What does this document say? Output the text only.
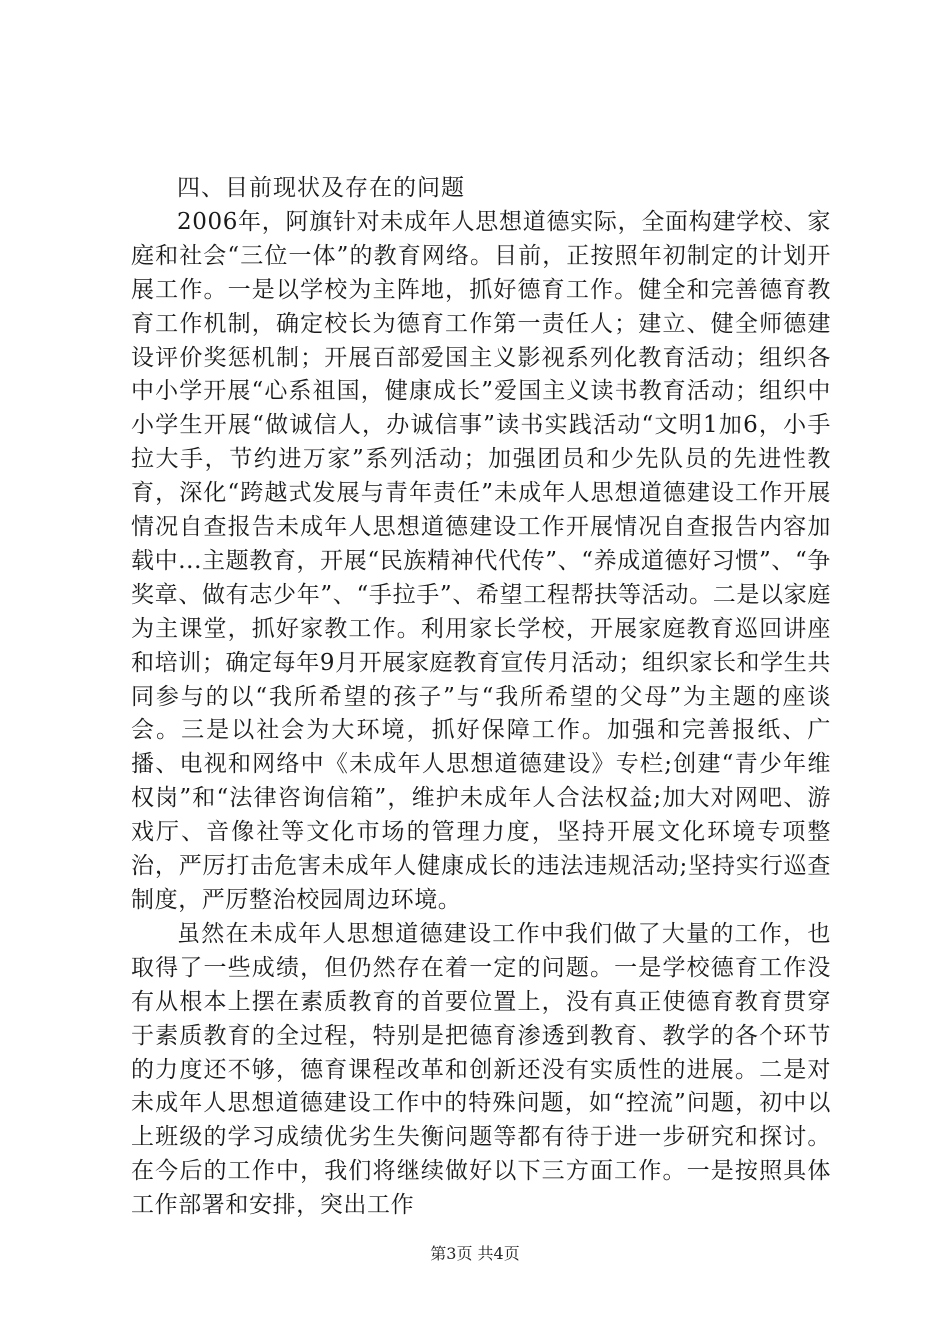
四、目前现状及存在的问题

2006年，阿旗针对未成年人思想道德实际，全面构建学校、家庭和社会“三位一体”的教育网络。目前，正按照年初制定的计划开展工作。一是以学校为主阵地，抓好德育工作。健全和完善德育教育工作机制，确定校长为德育工作第一责任人；建立、健全师德建设评价奖惩机制；开展百部爱国主义影视系列化教育活动；组织各中小学开展“心系祖国，健康成长”爱国主义读书教育活动；组织中小学生开展“做诚信人，办诚信事”读书实践活动“文明1加6，小手拉大手，节约进万家”系列活动；加强团员和少先队员的先进性教育，深化“跨越式发展与青年责任”未成年人思想道德建设工作开展情况自查报告未成年人思想道德建设工作开展情况自查报告内容加载中...主题教育，开展“民族精神代代传”、“养成道德好习惯”、“争奖章、做有志少年”、“手拉手”、希望工程帮扶等活动。二是以家庭为主课堂，抓好家教工作。利用家长学校，开展家庭教育巡回讲座和培训；确定每年9月开展家庭教育宣传月活动；组织家长和学生共同参与的以“我所希望的孩子”与“我所希望的父母”为主题的座谈会。三是以社会为大环境，抓好保障工作。加强和完善报纸、广播、电视和网络中《未成年人思想道德建设》专栏;创建“青少年维权岗”和“法律咨询信箱”，维护未成年人合法权益;加大对网吧、游戏厅、音像社等文化市场的管理力度，坚持开展文化环境专项整治，严厉打击危害未成年人健康成长的违法违规活动;坚持实行巡查制度，严厉整治校园周边环境。

虽然在未成年人思想道德建设工作中我们做了大量的工作，也取得了一些成绩，但仍然存在着一定的问题。一是学校德育工作没有从根本上摆在素质教育的首要位置上，没有真正使德育教育贯穿于素质教育的全过程，特别是把德育渗透到教育、教学的各个环节的力度还不够，德育课程改革和创新还没有实质性的进展。二是对未成年人思想道德建设工作中的特殊问题，如“控流”问题，初中以上班级的学习成绩优劣生失衡问题等都有待于进一步研究和探讨。在今后的工作中，我们将继续做好以下三方面工作。一是按照具体工作部署和安排，突出工作

第3页 共4页
